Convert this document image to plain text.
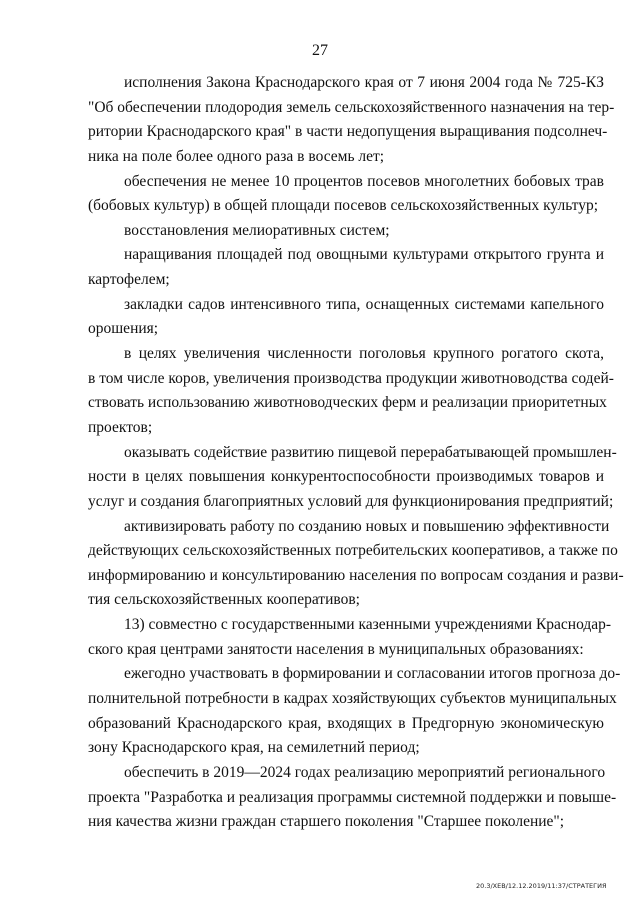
27
исполнения Закона Краснодарского края от 7 июня 2004 года № 725-КЗ
"Об обеспечении плодородия земель сельскохозяйственного назначения на тер-
ритории Краснодарского края" в части недопущения выращивания подсолнеч-
ника на поле более одного раза в восемь лет;
обеспечения не менее 10 процентов посевов многолетних бобовых трав
(бобовых культур) в общей площади посевов сельскохозяйственных культур;
восстановления мелиоративных систем;
наращивания площадей под овощными культурами открытого грунта и
картофелем;
закладки садов интенсивного типа, оснащенных системами капельного
орошения;
в целях увеличения численности поголовья крупного рогатого скота,
в том числе коров, увеличения производства продукции животноводства содей-
ствовать использованию животноводческих ферм и реализации приоритетных
проектов;
оказывать содействие развитию пищевой перерабатывающей промышлен-
ности в целях повышения конкурентоспособности производимых товаров и
услуг и создания благоприятных условий для функционирования предприятий;
активизировать работу по созданию новых и повышению эффективности
действующих сельскохозяйственных потребительских кооперативов, а также по
информированию и консультированию населения по вопросам создания и разви-
тия сельскохозяйственных кооперативов;
13) совместно с государственными казенными учреждениями Краснодар-
ского края центрами занятости населения в муниципальных образованиях:
ежегодно участвовать в формировании и согласовании итогов прогноза до-
полнительной потребности в кадрах хозяйствующих субъектов муниципальных
образований Краснодарского края, входящих в Предгорную экономическую
зону Краснодарского края, на семилетний период;
обеспечить в 2019—2024 годах реализацию мероприятий регионального
проекта "Разработка и реализация программы системной поддержки и повыше-
ния качества жизни граждан старшего поколения "Старшее поколение";
20.3/ХЕВ/12.12.2019/11:37/СТРАТЕГИЯ
